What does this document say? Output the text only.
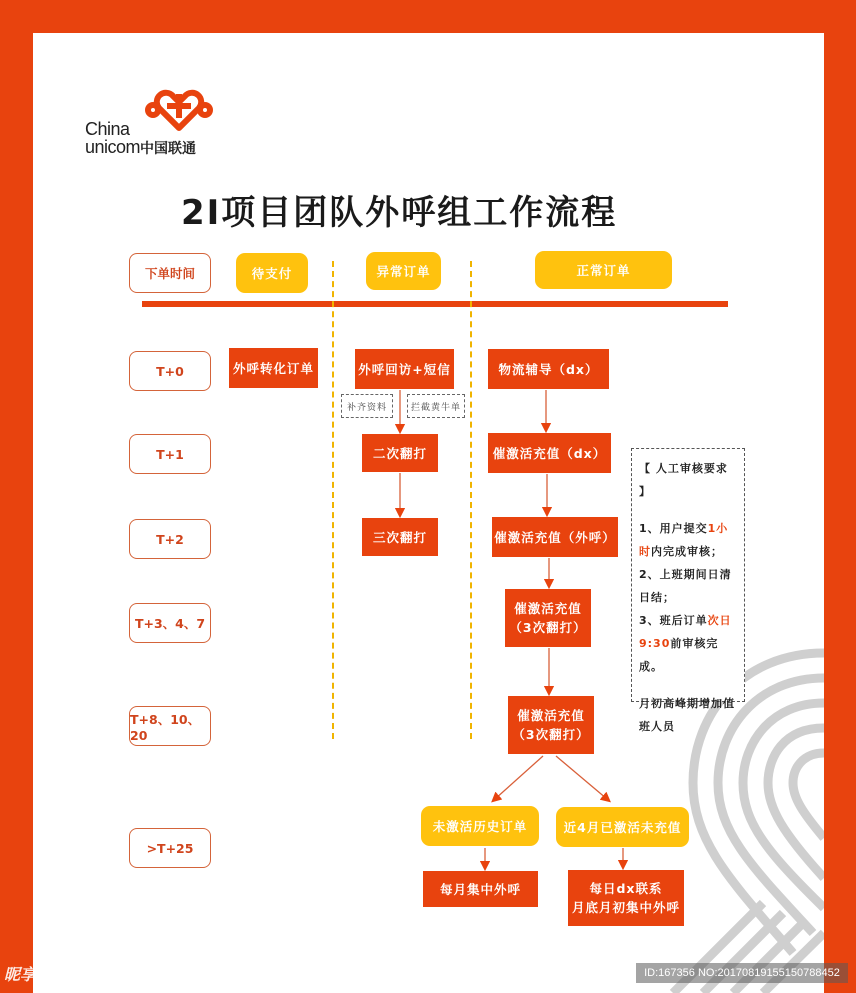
China
unicom 中国联通
2I项目团队外呼组工作流程
下单时间	待支付	异常订单	正常订单
T+0
T+1
T+2
T+3、4、7
T+8、10、20
>T+25
外呼转化订单	外呼回访+短信
补齐资料	拦截黄牛单
二次翻打
三次翻打
物流辅导（dx）
催激活充值（dx）
催激活充值（外呼）
催激活充值
（3次翻打）
催激活充值
（3次翻打）
未激活历史订单	近4月已激活未充值
每月集中外呼	每日dx联系
月底月初集中外呼
【 人工审核要求 】
1、用户提交1小时内完成审核；
2、上班期间日清日结；
3、班后订单次日 9:30前审核完成。
月初高峰期增加值班人员
昵享网 www.nipic.cn	ID:167356 NO:20170819155150788452
